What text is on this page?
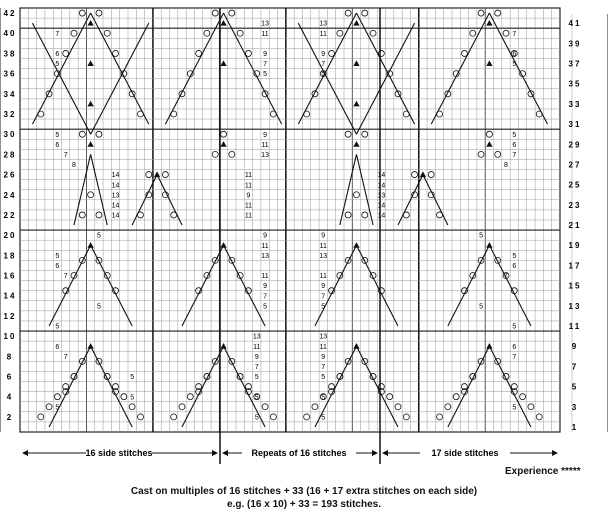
7
6
5
13
11
9
7
5
13
11
9
7
5
7
6
5
5
6
7
8
14
14
13
14
14
9
11
13
11
11
9
11
11
14
14
13
14
14
5
6
7
8
5
5
6
7
5
5
9
11
13
11
9
7
5
9
11
13
11
9
7
5
5
5
6
7
5
5
6
7
5
5
5
13
11
9
7
5
5
5
13
11
9
7
5
5
5
6
7
5
42
40
38
36
34
32
30
28
26
24
22
20
18
16
14
12
10
8
6
4
2
41
39
37
35
33
31
29
27
25
23
21
19
17
15
13
11
9
7
5
3
1
16 side stitches	Repeats of 16 stitches	17 side stitches
Experience *****
Cast on multiples of 16 stitches + 33 (16 + 17 extra stitches on each side)
e.g. (16 x 10) + 33 = 193 stitches.
